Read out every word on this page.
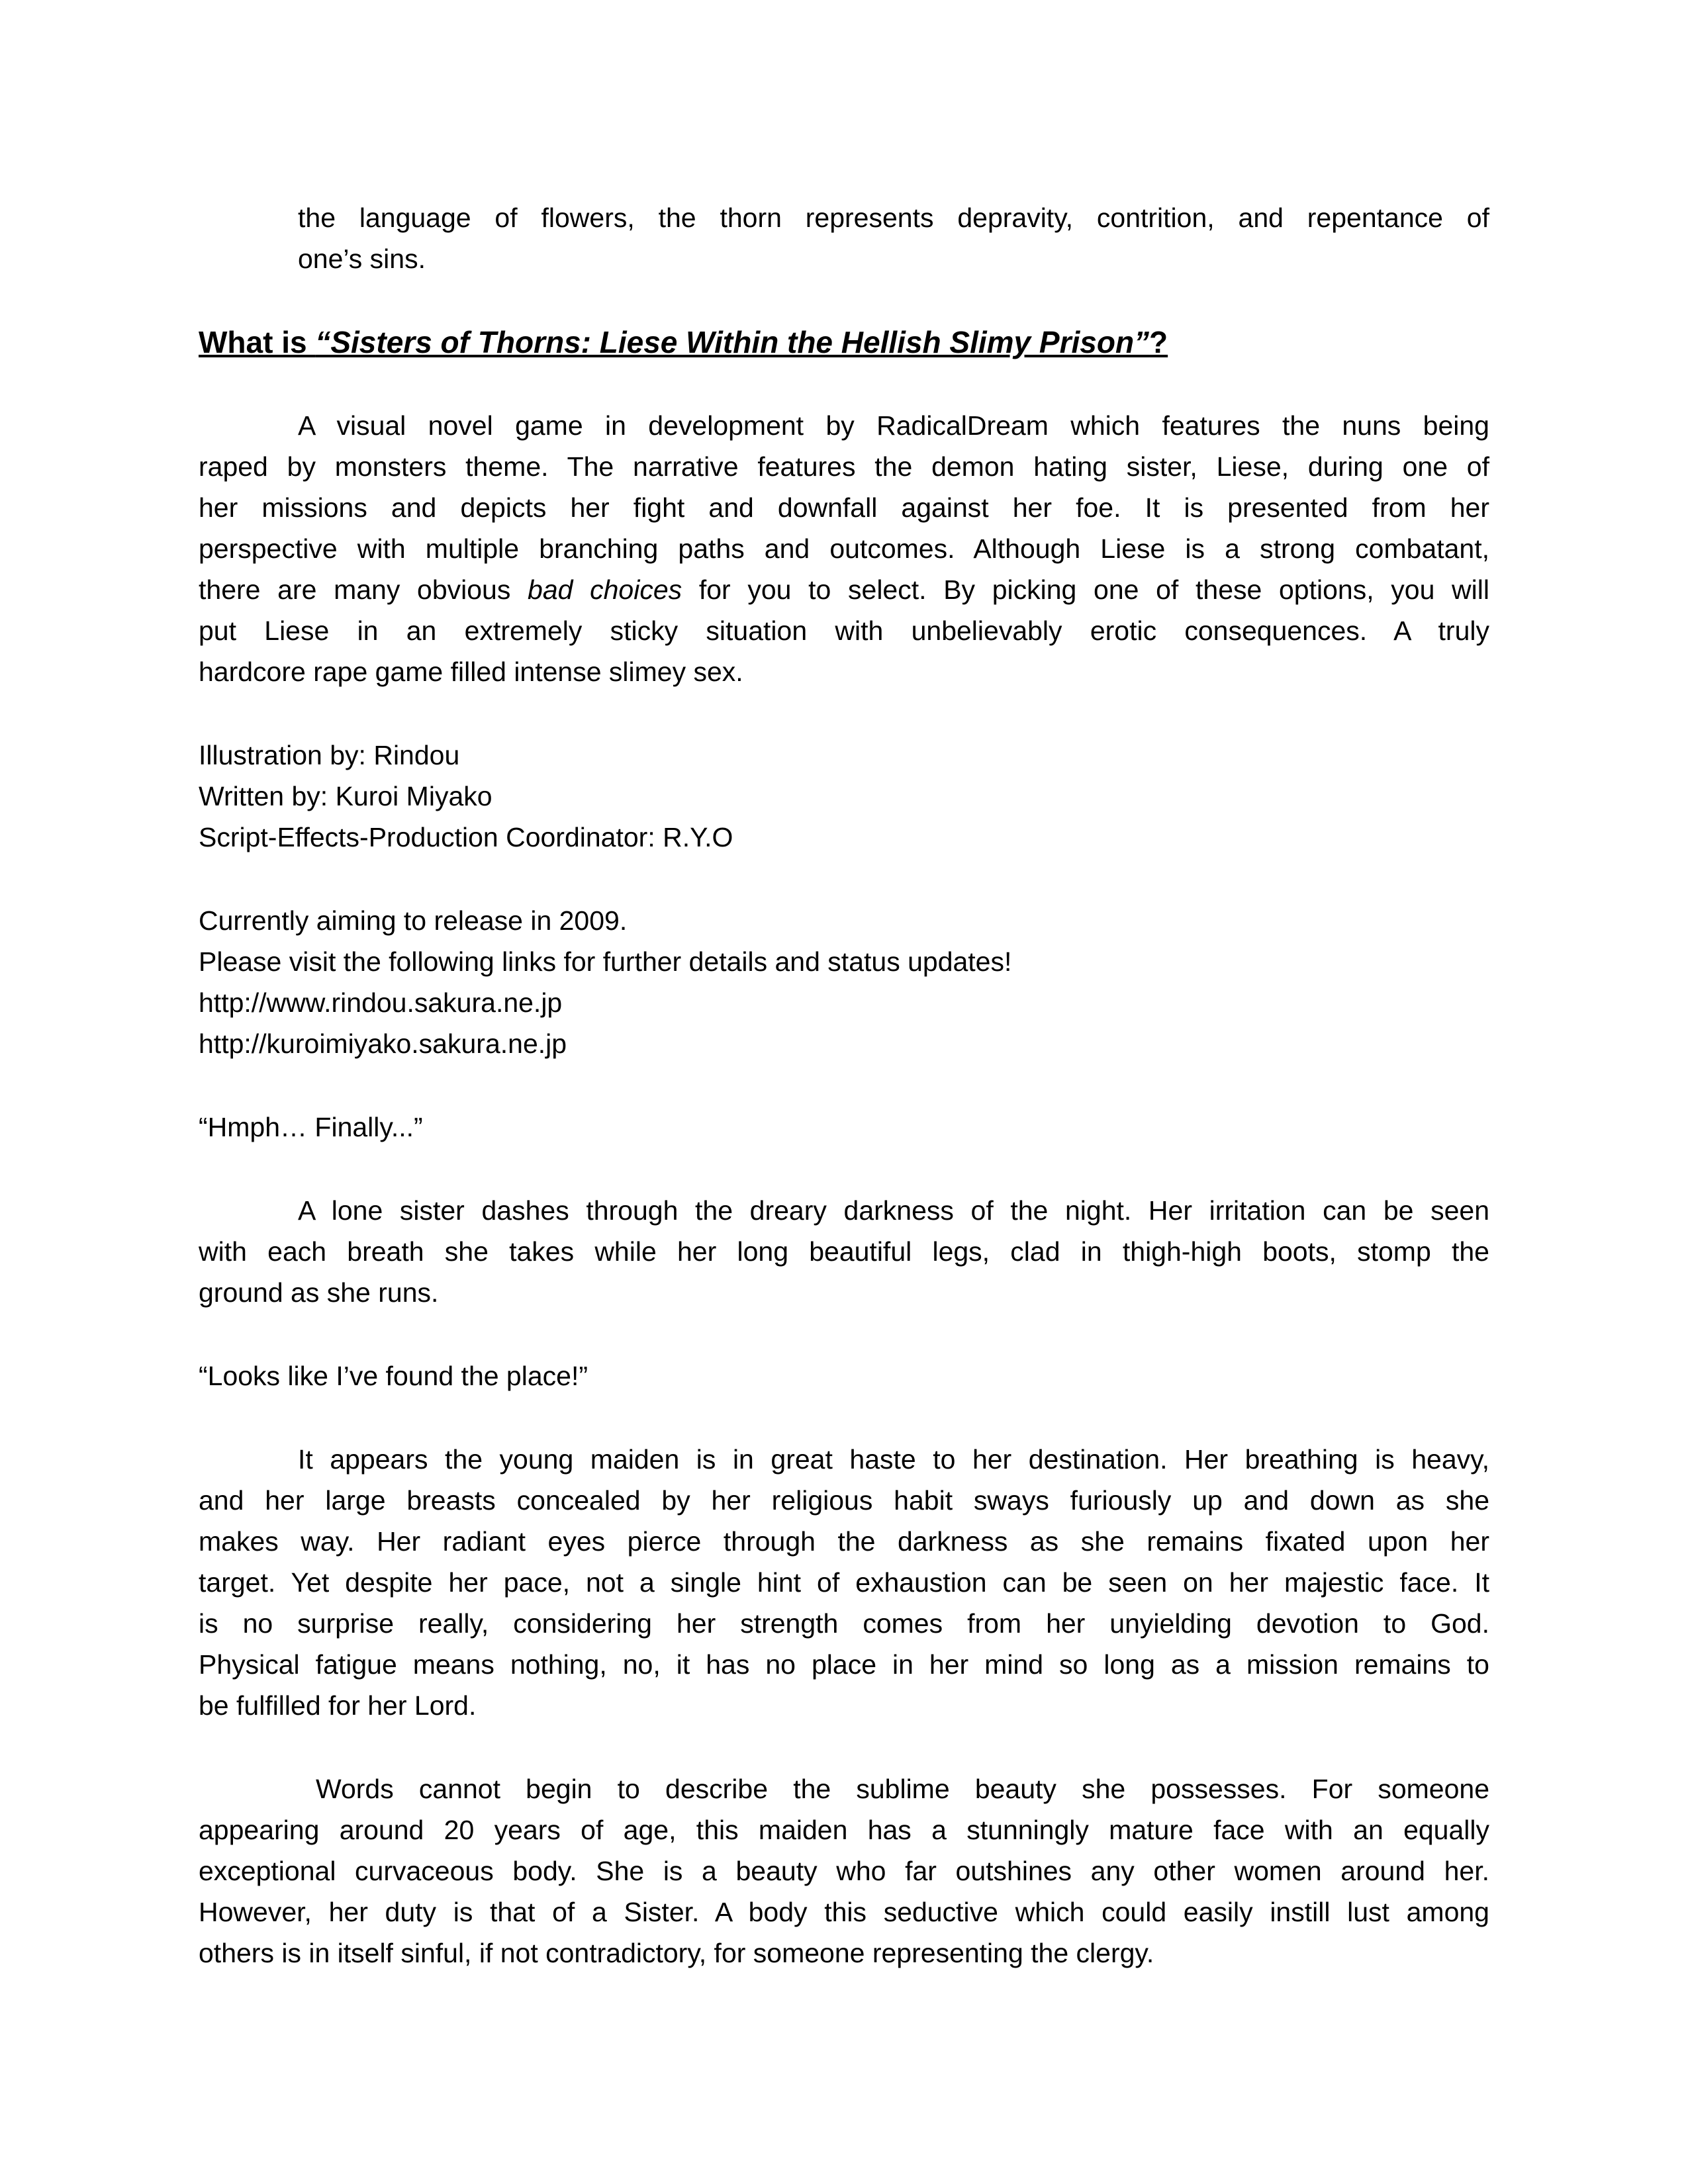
the language of flowers, the thorn represents depravity, contrition, and repentance of
one’s sins.
What is “Sisters of Thorns: Liese Within the Hellish Slimy Prison”?
A visual novel game in development by RadicalDream which features the nuns being
raped by monsters theme. The narrative features the demon hating sister, Liese, during one of
her missions and depicts her fight and downfall against her foe. It is presented from her
perspective with multiple branching paths and outcomes. Although Liese is a strong combatant,
there are many obvious bad choices for you to select. By picking one of these options, you will
put Liese in an extremely sticky situation with unbelievably erotic consequences. A truly
hardcore rape game filled intense slimey sex.
Illustration by: Rindou
Written by: Kuroi Miyako
Script-Effects-Production Coordinator: R.Y.O
Currently aiming to release in 2009.
Please visit the following links for further details and status updates!
http://www.rindou.sakura.ne.jp
http://kuroimiyako.sakura.ne.jp
“Hmph… Finally...”
A lone sister dashes through the dreary darkness of the night. Her irritation can be seen
with each breath she takes while her long beautiful legs, clad in thigh-high boots, stomp the
ground as she runs.
“Looks like I’ve found the place!”
It appears the young maiden is in great haste to her destination. Her breathing is heavy,
and her large breasts concealed by her religious habit sways furiously up and down as she
makes way. Her radiant eyes pierce through the darkness as she remains fixated upon her
target. Yet despite her pace, not a single hint of exhaustion can be seen on her majestic face. It
is no surprise really, considering her strength comes from her unyielding devotion to God.
Physical fatigue means nothing, no, it has no place in her mind so long as a mission remains to
be fulfilled for her Lord.
Words cannot begin to describe the sublime beauty she possesses. For someone
appearing around 20 years of age, this maiden has a stunningly mature face with an equally
exceptional curvaceous body. She is a beauty who far outshines any other women around her.
However, her duty is that of a Sister. A body this seductive which could easily instill lust among
others is in itself sinful, if not contradictory, for someone representing the clergy.
